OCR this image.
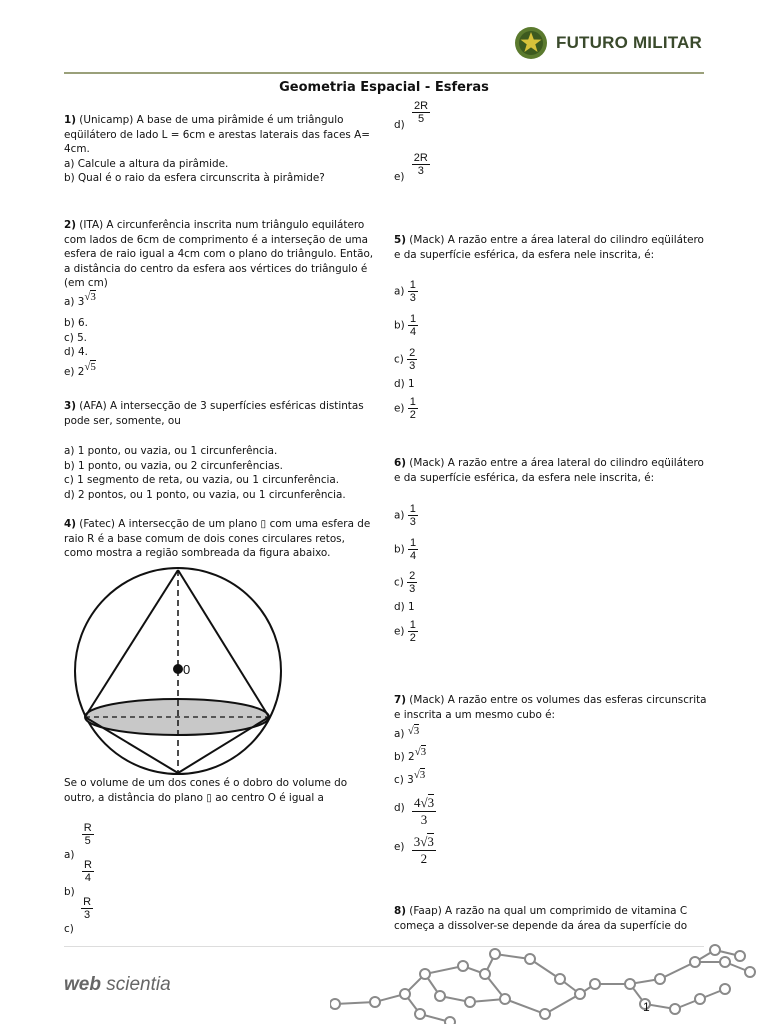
FUTURO MILITAR
Geometria Espacial - Esferas
1) (Unicamp) A base de uma pirâmide é um triângulo
eqüilátero de lado L = 6cm e arestas laterais das faces A=
4cm.
a) Calcule a altura da pirâmide.
b) Qual é o raio da esfera circunscrita à pirâmide?
2) (ITA) A circunferência inscrita num triângulo equilátero
com lados de 6cm de comprimento é a interseção de uma
esfera de raio igual a 4cm com o plano do triângulo. Então,
a distância do centro da esfera aos vértices do triângulo é
(em cm)
a) 3√3
b) 6.
c) 5.
d) 4.
e) 2√5
3) (AFA) A intersecção de 3 superfícies esféricas distintas
pode ser, somente, ou
a) 1 ponto, ou vazia, ou 1 circunferência.
b) 1 ponto, ou vazia, ou 2 circunferências.
c) 1 segmento de reta, ou vazia, ou 1 circunferência.
d) 2 pontos, ou 1 ponto, ou vazia, ou 1 circunferência.
4) (Fatec) A intersecção de um plano ▯ com uma esfera de
raio R é a base comum de dois cones circulares retos,
como mostra a região sombreada da figura abaixo.
0
Se o volume de um dos cones é o dobro do volume do
outro, a distância do plano ▯ ao centro O é igual a
a)
$\frac{R}{5}$
b)
$\frac{R}{4}$
c)
$\frac{R}{3}$
$d) \frac{2R}{5}$
$e) \frac{2R}{3}$
5) (Mack) A razão entre a área lateral do cilindro eqüilátero
e da superfície esférica, da esfera nele inscrita, é:
$a) \frac{1}{3}$
$b) \frac{1}{4}$
$c) \frac{2}{3}$
d) 1
$e) \frac{1}{2}$
6) (Mack) A razão entre a área lateral do cilindro eqüilátero
e da superfície esférica, da esfera nele inscrita, é:
$a) \frac{1}{3}$
$b) \frac{1}{4}$
$c) \frac{2}{3}$
d) 1
$e) \frac{1}{2}$
7) (Mack) A razão entre os volumes das esferas circunscrita
e inscrita a um mesmo cubo é:
a) √3
b) 2√3
c) 3√3
$d) \frac{4√3}{3}$
$e) \frac{3√3}{2}$
8) (Faap) A razão na qual um comprimido de vitamina C
começa a dissolver-se depende da área da superfície do
web scientia
1
